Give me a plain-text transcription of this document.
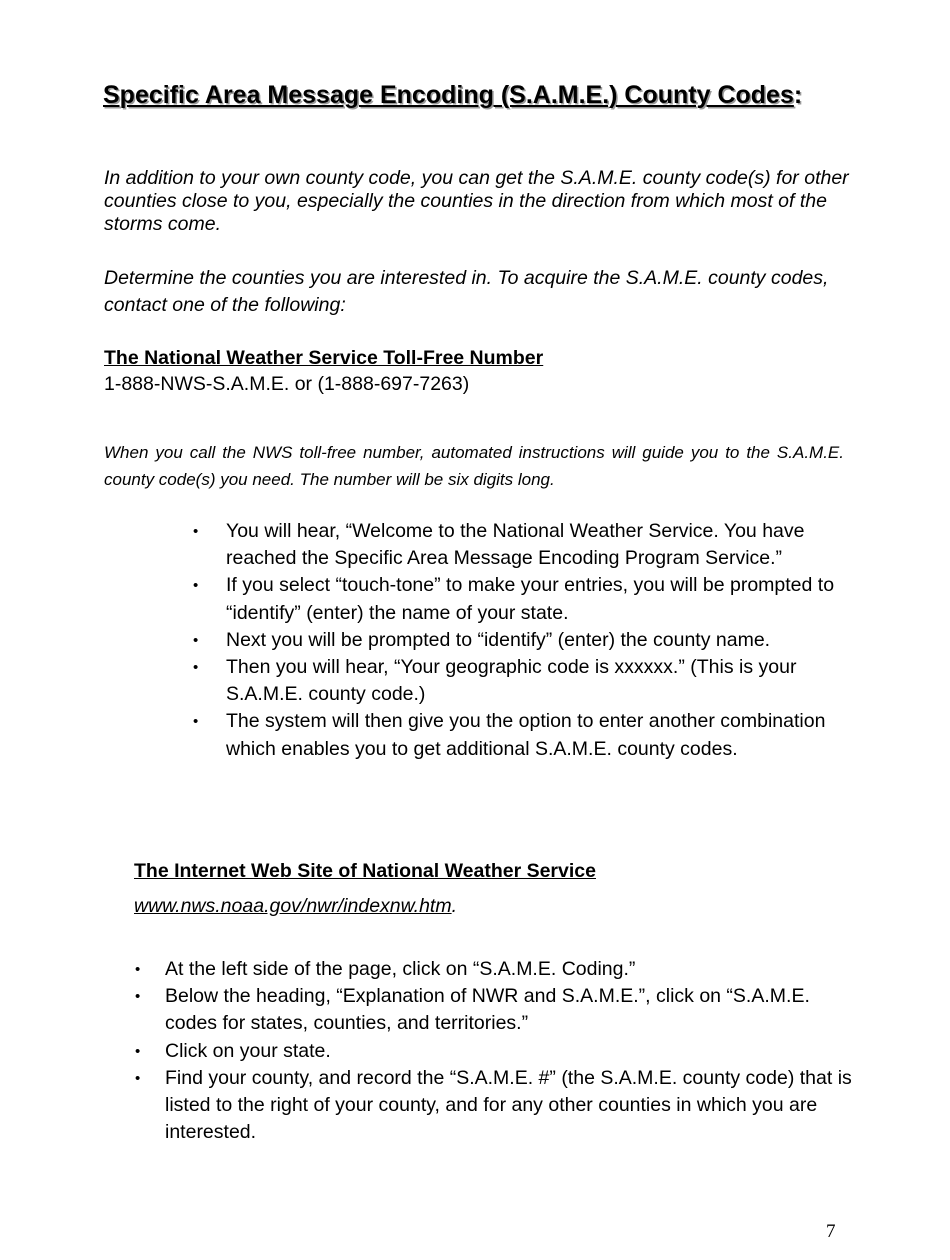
Specific Area Message Encoding (S.A.M.E.) County Codes:

In addition to your own county code, you can get the S.A.M.E. county code(s) for other counties close to you, especially the counties in the direction from which most of the storms come.

Determine the counties you are interested in. To acquire the S.A.M.E. county codes, contact one of the following:

The National Weather Service Toll-Free Number

1-888-NWS-S.A.M.E. or (1-888-697-7263)

When you call the NWS toll-free number, automated instructions will guide you to the S.A.M.E. county code(s) you need. The number will be six digits long.

• You will hear, “Welcome to the National Weather Service. You have reached the Specific Area Message Encoding Program Service.”
• If you select “touch-tone” to make your entries, you will be prompted to “identify” (enter) the name of your state.
• Next you will be prompted to “identify” (enter) the county name.
• Then you will hear, “Your geographic code is xxxxxx.” (This is your S.A.M.E. county code.)
• The system will then give you the option to enter another combination which enables you to get additional S.A.M.E. county codes.

The Internet Web Site of National Weather Service

www.nws.noaa.gov/nwr/indexnw.htm.

• At the left side of the page, click on “S.A.M.E. Coding.”
• Below the heading, “Explanation of NWR and S.A.M.E.”, click on “S.A.M.E. codes for states, counties, and territories.”
• Click on your state.
• Find your county, and record the “S.A.M.E. #” (the S.A.M.E. county code) that is listed to the right of your county, and for any other counties in which you are interested.

7
